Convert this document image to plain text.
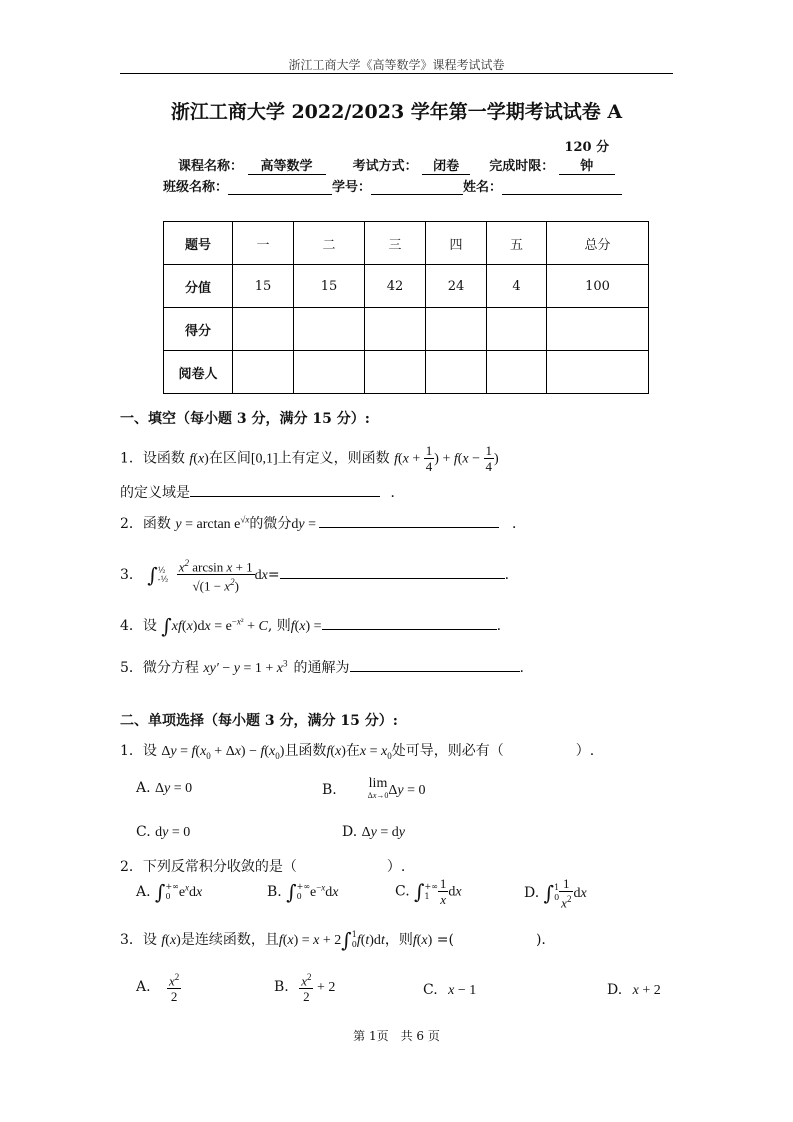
浙江工商大学《高等数学》课程考试试卷
浙江工商大学 2022/2023 学年第一学期考试试卷 A
课程名称： 高等数学	考试方式： 闭卷 完成时限： 120 分钟
班级名称：	学号：	姓名：
题号	一	二	三	四	五	总分
分值	15	15	42	24	4	100
得分						
阅卷人						
一、填空（每小题 3 分，满分 15 分）:
1．设函数 f(x)在区间[0,1]上有定义，则函数 $f(x + \frac{1}{4}$ ) + $f(x - \frac{1}{4}$ )
的定义域是	．
2．函数 $y = \arctan e^{√x}$的微分dy =	．
3． ∫½
-½ $\frac{x^2 \arcsin x + 1}{√(1 - x^2)} dx=$	.
4．设 $\int xf(x)dx = e^{-x^2} + C$, 则f(x) =	.
5．微分方程 $xy' - y = 1 + x^3$ 的通解为	.
二、单项选择（每小题 3 分，满分 15 分）:
1．设 $\Delta y = f(x_0 + \Delta x) - f(x_0)$且函数f(x)在$x = x_0$处可导，则必有（	）.
A. Δy = 0	B. lim
Δx→0 Δy = 0
C. dy = 0	D. Δy = dy
2．下列反常积分收敛的是（	）.
A. ∫+∞
0 $e^xdx$	B. ∫+∞
0 $e^{-x}dx$	C. ∫+∞
$1 \frac{1}{x}$ dx	D. ∫1
$0 \frac{1}{x^2}$ dx
3．设 f(x)是连续函数，且f(x) = x + 2∫1
0f(t)dt，则f(x) =(	).
A. $\frac{x^2}{2}$	B. $\frac{x^2}{2} + 2$	C. x − 1	D. x + 2
第 1页　共 6 页
